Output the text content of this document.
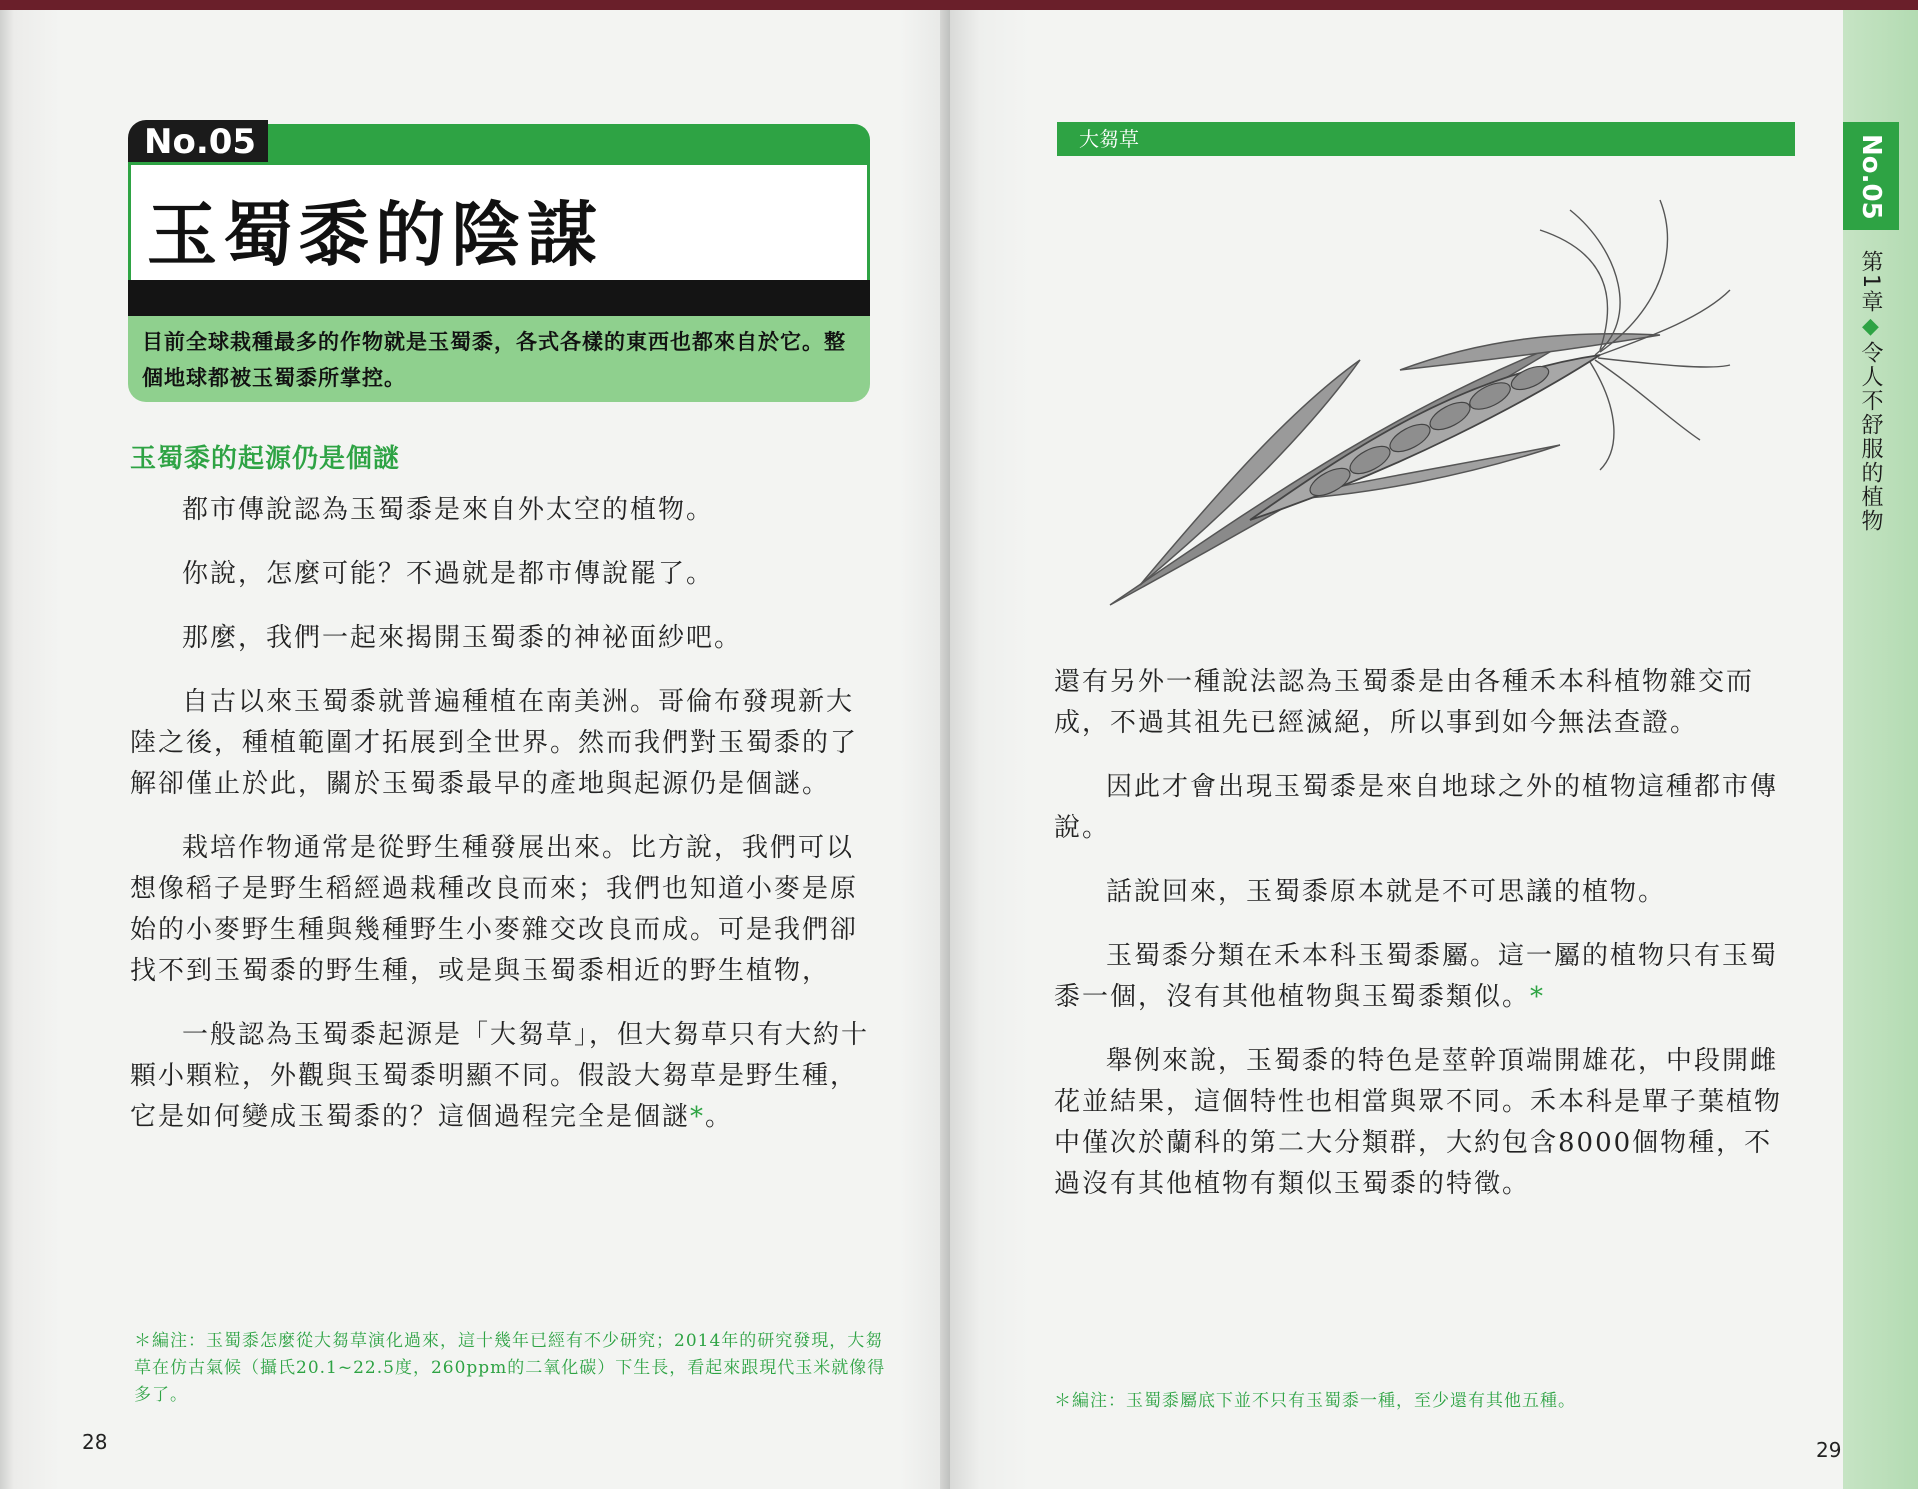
No.05
玉蜀黍的陰謀
目前全球栽種最多的作物就是玉蜀黍，各式各樣的東西也都來自於它。整個地球都被玉蜀黍所掌控。
玉蜀黍的起源仍是個謎

都市傳說認為玉蜀黍是來自外太空的植物。

你說，怎麼可能？不過就是都市傳說罷了。

那麼，我們一起來揭開玉蜀黍的神祕面紗吧。

自古以來玉蜀黍就普遍種植在南美洲。哥倫布發現新大陸之後，種植範圍才拓展到全世界。然而我們對玉蜀黍的了解卻僅止於此，關於玉蜀黍最早的產地與起源仍是個謎。

栽培作物通常是從野生種發展出來。比方說，我們可以想像稻子是野生稻經過栽種改良而來；我們也知道小麥是原始的小麥野生種與幾種野生小麥雜交改良而成。可是我們卻找不到玉蜀黍的野生種，或是與玉蜀黍相近的野生植物，

一般認為玉蜀黍起源是「大芻草」，但大芻草只有大約十顆小顆粒，外觀與玉蜀黍明顯不同。假設大芻草是野生種，它是如何變成玉蜀黍的？這個過程完全是個謎*。

＊編注：玉蜀黍怎麼從大芻草演化過來，這十幾年已經有不少研究；2014年的研究發現，大芻草在仿古氣候（攝氏20.1~22.5度，260ppm的二氧化碳）下生長，看起來跟現代玉米就像得多了。
28
大芻草

還有另外一種說法認為玉蜀黍是由各種禾本科植物雜交而成，不過其祖先已經滅絕，所以事到如今無法查證。

因此才會出現玉蜀黍是來自地球之外的植物這種都市傳說。

話說回來，玉蜀黍原本就是不可思議的植物。

玉蜀黍分類在禾本科玉蜀黍屬。這一屬的植物只有玉蜀黍一個，沒有其他植物與玉蜀黍類似。*

舉例來說，玉蜀黍的特色是莖幹頂端開雄花，中段開雌花並結果，這個特性也相當與眾不同。禾本科是單子葉植物中僅次於蘭科的第二大分類群，大約包含8000個物種，不過沒有其他植物有類似玉蜀黍的特徵。

＊編注：玉蜀黍屬底下並不只有玉蜀黍一種，至少還有其他五種。
29
No.05
第1章◆令人不舒服的植物
